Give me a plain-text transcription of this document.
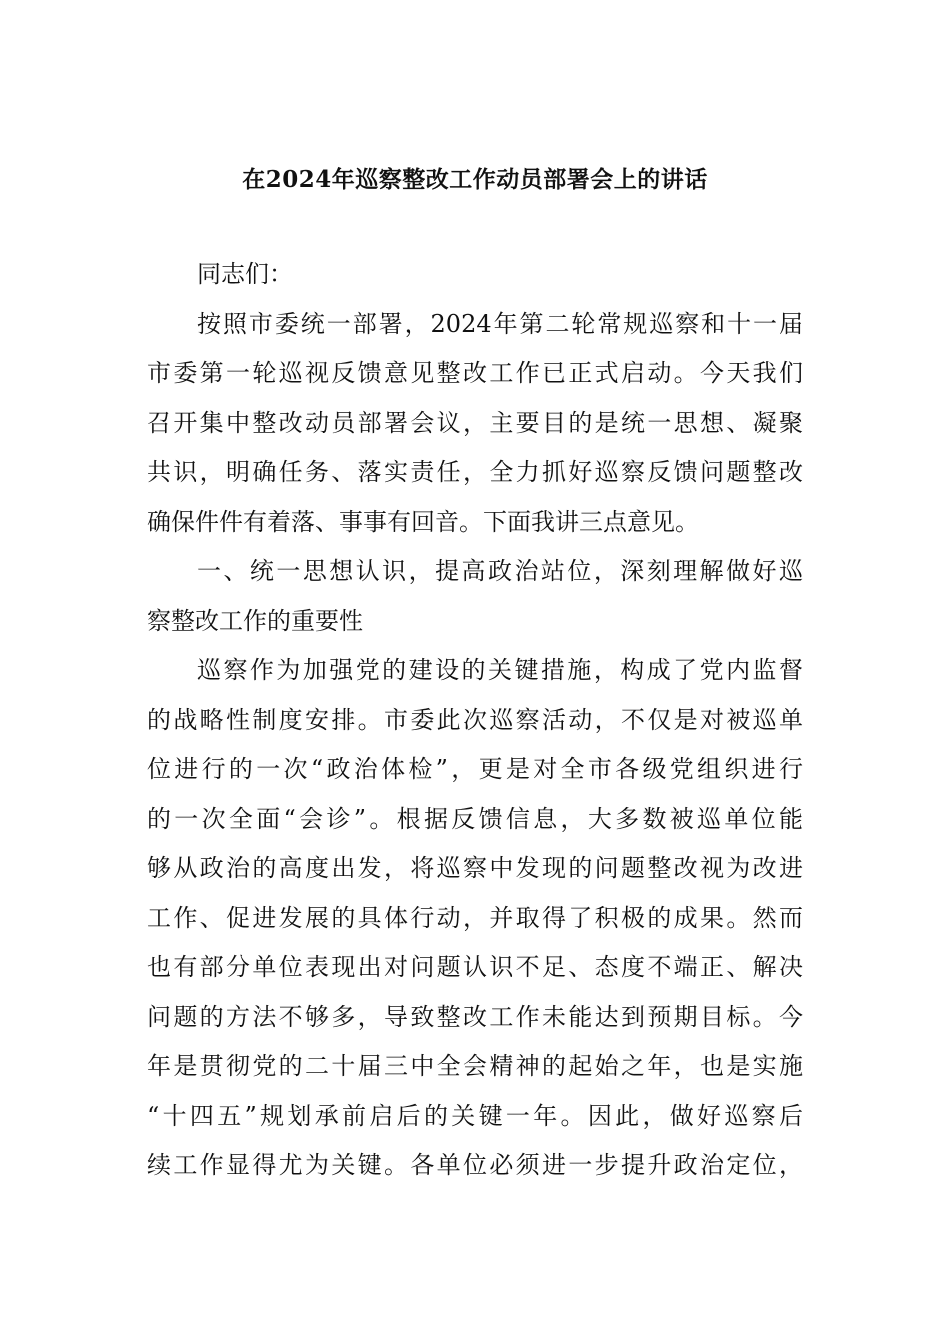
在2024年巡察整改工作动员部署会上的讲话
同志们：
按照市委统一部署，2024年第二轮常规巡察和十一届
市委第一轮巡视反馈意见整改工作已正式启动。今天我们
召开集中整改动员部署会议，主要目的是统一思想、凝聚
共识，明确任务、落实责任，全力抓好巡察反馈问题整改
确保件件有着落、事事有回音。下面我讲三点意见。
一、统一思想认识，提高政治站位，深刻理解做好巡
察整改工作的重要性
巡察作为加强党的建设的关键措施，构成了党内监督
的战略性制度安排。市委此次巡察活动，不仅是对被巡单
位进行的一次“政治体检”，更是对全市各级党组织进行
的一次全面“会诊”。根据反馈信息，大多数被巡单位能
够从政治的高度出发，将巡察中发现的问题整改视为改进
工作、促进发展的具体行动，并取得了积极的成果。然而
也有部分单位表现出对问题认识不足、态度不端正、解决
问题的方法不够多，导致整改工作未能达到预期目标。今
年是贯彻党的二十届三中全会精神的起始之年，也是实施
“十四五”规划承前启后的关键一年。因此，做好巡察后
续工作显得尤为关键。各单位必须进一步提升政治定位，
